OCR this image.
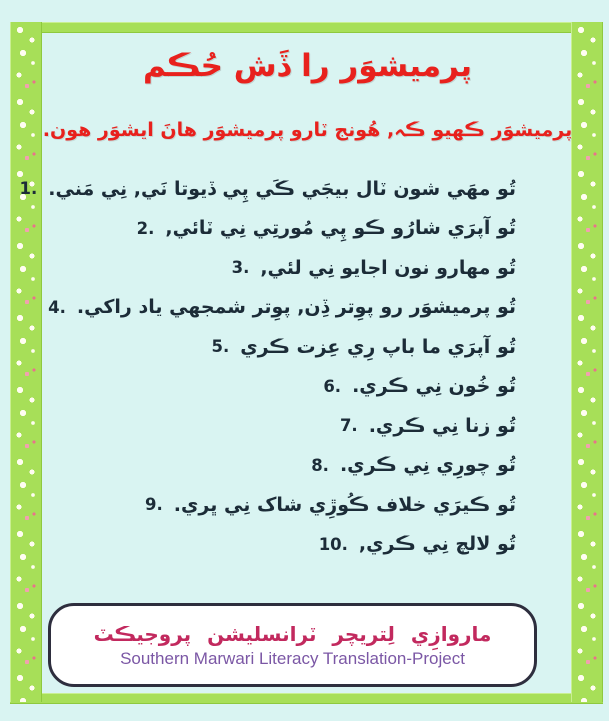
پرميشوَر را ڏَش حُڪم
پرميشوَر ڪهيو ڪہ, هُونج ٽارو پرميشوَر هانَ ايشوَر هون.
1. تُو مهَي شون ٽال بيجَي ڪَي پِي ڏيوتا نَي, نِي مَني.
2. تُو آپرَي شارُو ڪو پِي مُورتِي نِي ٽائي,
3. تُو مهارو نون اجايو نِي لئي,
4. تُو پرميشوَر رو پوِتر ڏِن, پوِتر شمجهي ياد راکي.
5. تُو آپرَي ما باپ رِي عِزت ڪري
6. تُو خُون نِي ڪري.
7. تُو زنا نِي ڪري.
8. تُو چورِي نِي ڪري.
9. تُو ڪيرَي خلاف ڪُوڙِي شاک نِي ڀري.
10. تُو لالچ نِي ڪري,
ماروازِي لِتريچر ٽرانسليشن پروجيڪٽ
Southern Marwari Literacy Translation-Project
